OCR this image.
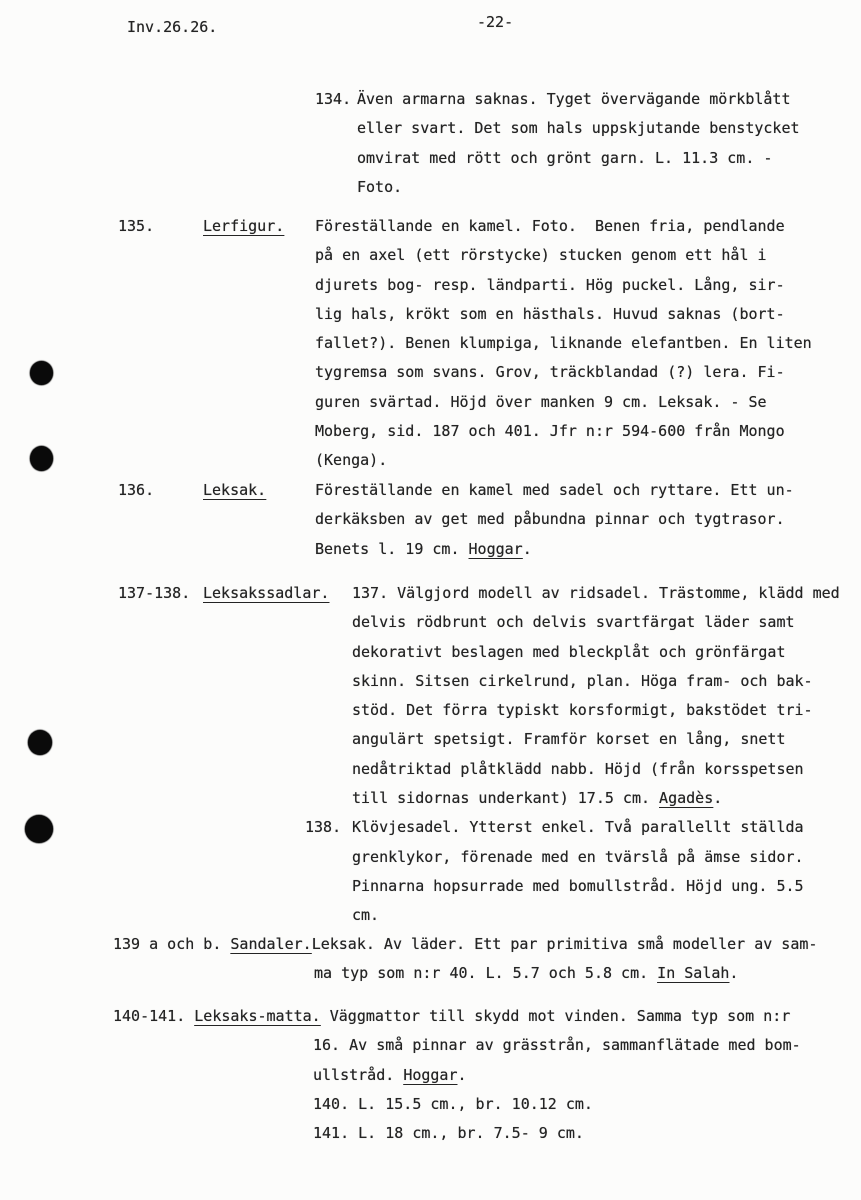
Inv.26.26.	-22-
134. Även armarna saknas. Tyget övervägande mörkblått
eller svart. Det som hals uppskjutande benstycket
omvirat med rött och grönt garn. L. 11.3 cm. -
Foto.
135.	Lerfigur. Föreställande en kamel. Foto.  Benen fria, pendlande
på en axel (ett rörstycke) stucken genom ett hål i
djurets bog- resp. ländparti. Hög puckel. Lång, sir-
lig hals, krökt som en hästhals. Huvud saknas (bort-
fallet?). Benen klumpiga, liknande elefantben. En liten
tygremsa som svans. Grov, träckblandad (?) lera. Fi-
guren svärtad. Höjd över manken 9 cm. Leksak. - Se
Moberg, sid. 187 och 401. Jfr n:r 594-600 från Mongo
(Kenga).
136.	Leksak.	Föreställande en kamel med sadel och ryttare. Ett un-
derkäksben av get med påbundna pinnar och tygtrasor.
Benets l. 19 cm. Hoggar.
137-138. Leksakssadlar. 137. Välgjord modell av ridsadel. Trästomme, klädd med
delvis rödbrunt och delvis svartfärgat läder samt
dekorativt beslagen med bleckplåt och grönfärgat
skinn. Sitsen cirkelrund, plan. Höga fram- och bak-
stöd. Det förra typiskt korsformigt, bakstödet tri-
angulärt spetsigt. Framför korset en lång, snett
nedåtriktad plåtklädd nabb. Höjd (från korsspetsen
till sidornas underkant) 17.5 cm. Agadès.
138. Klövjesadel. Ytterst enkel. Två parallellt ställda
grenklykor, förenade med en tvärslå på ämse sidor.
Pinnarna hopsurrade med bomullstråd. Höjd ung. 5.5
cm.
139 a och b. Sandaler.Leksak. Av läder. Ett par primitiva små modeller av sam-
ma typ som n:r 40. L. 5.7 och 5.8 cm. In Salah.
140-141. Leksaks-matta. Väggmattor till skydd mot vinden. Samma typ som n:r
16. Av små pinnar av grässtrån, sammanflätade med bom-
ullstråd. Hoggar.
140. L. 15.5 cm., br. 10.12 cm.
141. L. 18 cm., br. 7.5- 9 cm.
